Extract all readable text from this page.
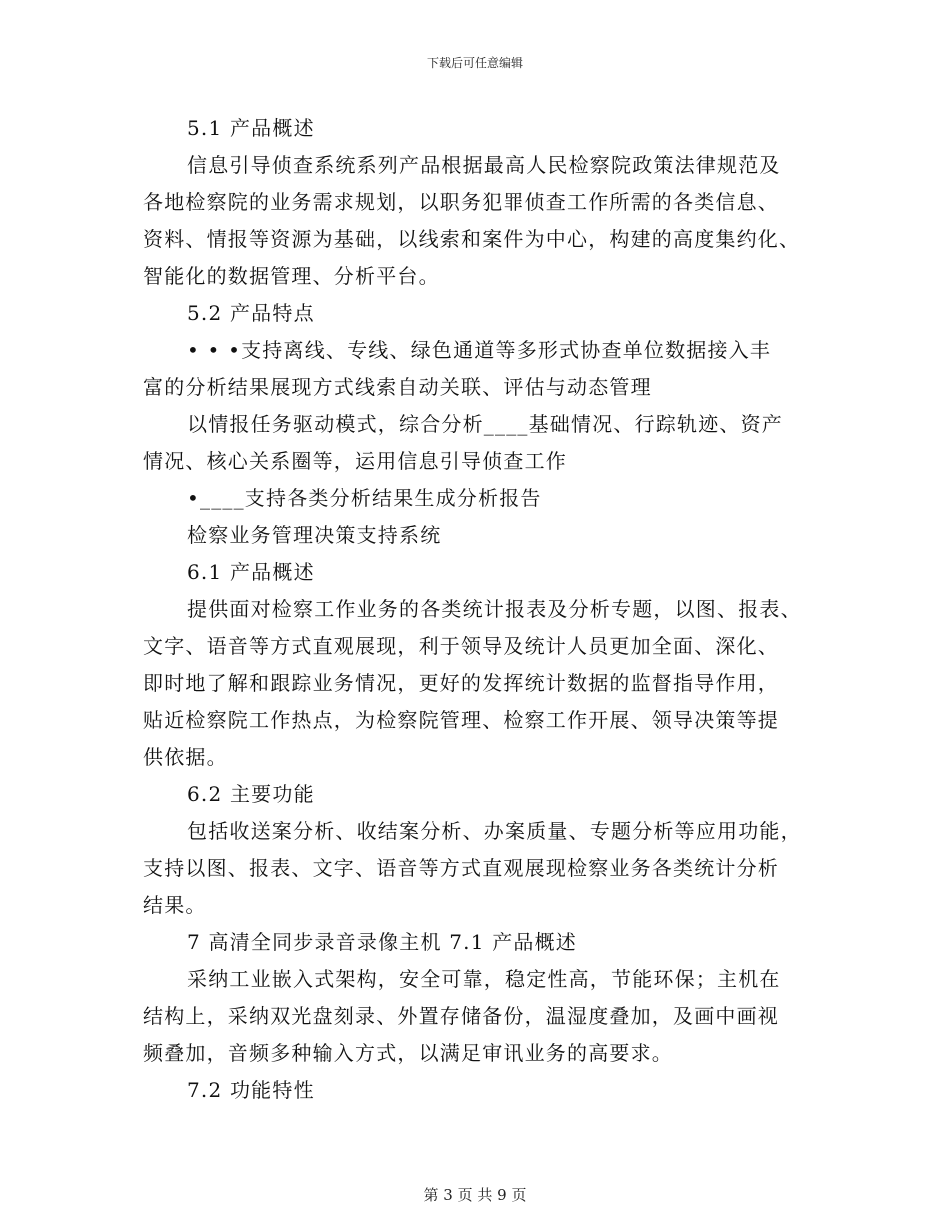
下载后可任意编辑
5.1 产品概述
信息引导侦查系统系列产品根据最高人民检察院政策法律规范及
各地检察院的业务需求规划，以职务犯罪侦查工作所需的各类信息、
资料、情报等资源为基础，以线索和案件为中心，构建的高度集约化、
智能化的数据管理、分析平台。
5.2 产品特点
• • •支持离线、专线、绿色通道等多形式协查单位数据接入丰
富的分析结果展现方式线索自动关联、评估与动态管理
以情报任务驱动模式，综合分析____基础情况、行踪轨迹、资产
情况、核心关系圈等，运用信息引导侦查工作
•____支持各类分析结果生成分析报告
检察业务管理决策支持系统
6.1 产品概述
提供面对检察工作业务的各类统计报表及分析专题，以图、报表、
文字、语音等方式直观展现，利于领导及统计人员更加全面、深化、
即时地了解和跟踪业务情况，更好的发挥统计数据的监督指导作用，
贴近检察院工作热点，为检察院管理、检察工作开展、领导决策等提
供依据。
6.2 主要功能
包括收送案分析、收结案分析、办案质量、专题分析等应用功能，
支持以图、报表、文字、语音等方式直观展现检察业务各类统计分析
结果。
7 高清全同步录音录像主机 7.1 产品概述
采纳工业嵌入式架构，安全可靠，稳定性高，节能环保；主机在
结构上，采纳双光盘刻录、外置存储备份，温湿度叠加，及画中画视
频叠加，音频多种输入方式，以满足审讯业务的高要求。
7.2 功能特性
第 3 页 共 9 页
